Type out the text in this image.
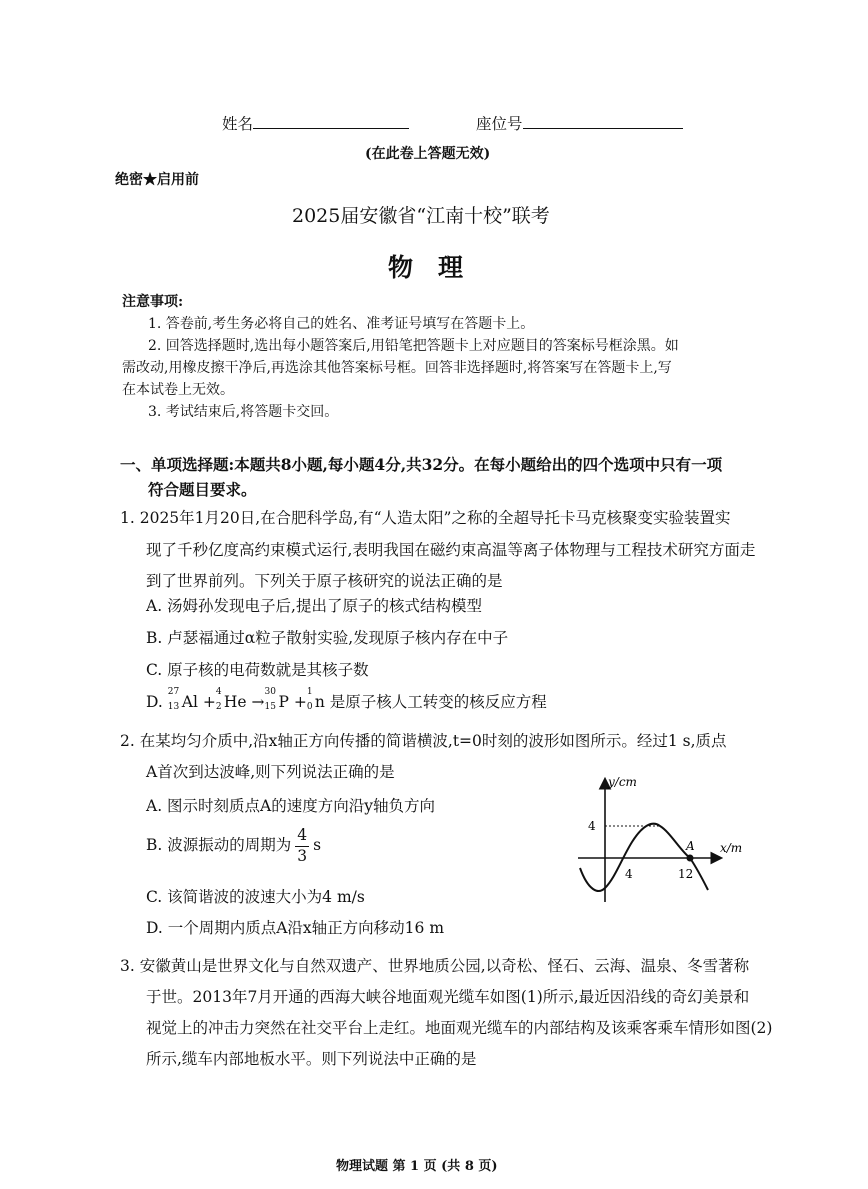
姓名	座位号
(在此卷上答题无效)
绝密★启用前
2025届安徽省“江南十校”联考
物　理
注意事项:
1. 答卷前,考生务必将自己的姓名、准考证号填写在答题卡上。
2. 回答选择题时,选出每小题答案后,用铅笔把答题卡上对应题目的答案标号框涂黑。如
需改动,用橡皮擦干净后,再选涂其他答案标号框。回答非选择题时,将答案写在答题卡上,写
在本试卷上无效。
3. 考试结束后,将答题卡交回。
一、单项选择题:本题共8小题,每小题4分,共32分。在每小题给出的四个选项中只有一项
符合题目要求。
1. 2025年1月20日,在合肥科学岛,有“人造太阳”之称的全超导托卡马克核聚变实验装置实
现了千秒亿度高约束模式运行,表明我国在磁约束高温等离子体物理与工程技术研究方面走
到了世界前列。下列关于原子核研究的说法正确的是
A. 汤姆孙发现电子后,提出了原子的核式结构模型
B. 卢瑟福通过α粒子散射实验,发现原子核内存在中子
C. 原子核的电荷数就是其核子数
D.
27
13 Al +
4
2 He →
30
15 P +
1
0 n 是原子核人工转变的核反应方程
2. 在某均匀介质中,沿x轴正方向传播的简谐横波,t=0时刻的波形如图所示。经过1 s,质点
A首次到达波峰,则下列说法正确的是
A. 图示时刻质点A的速度方向沿y轴负方向
B. 波源振动的周期为 $\frac{4}{3}$ s
C. 该简谐波的波速大小为4 m/s
D. 一个周期内质点A沿x轴正方向移动16 m
y/cm
x/m
4
4	12
A
3. 安徽黄山是世界文化与自然双遗产、世界地质公园,以奇松、怪石、云海、温泉、冬雪著称
于世。2013年7月开通的西海大峡谷地面观光缆车如图(1)所示,最近因沿线的奇幻美景和
视觉上的冲击力突然在社交平台上走红。地面观光缆车的内部结构及该乘客乘车情形如图(2)
所示,缆车内部地板水平。则下列说法中正确的是
物理试题 第 1 页 (共 8 页)
